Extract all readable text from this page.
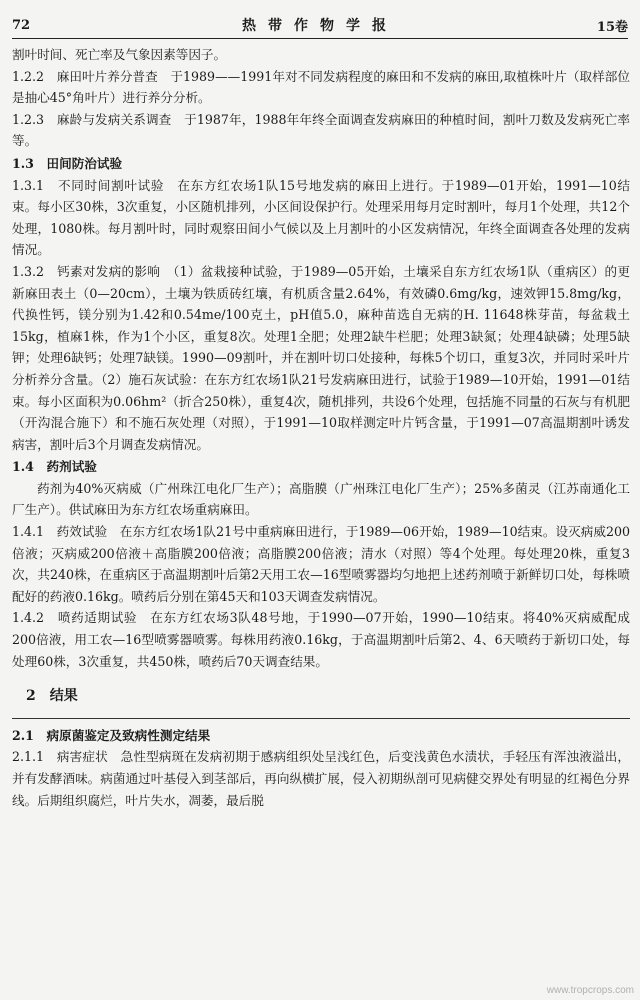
72	热带作物学报	15卷

割叶时间、死亡率及气象因素等因子。

1.2.2　麻田叶片养分普查　于1989——1991年对不同发病程度的麻田和不发病的麻田,取植株叶片（取样部位是抽心45°角叶片）进行养分分析。

1.2.3　麻龄与发病关系调查　于1987年，1988年年终全面调查发病麻田的种植时间，割叶刀数及发病死亡率等。

1.3　田间防治试验

1.3.1　不同时间割叶试验　在东方红农场1队15号地发病的麻田上进行。于1989—01开始，1991—10结束。每小区30株，3次重复，小区随机排列，小区间设保护行。处理采用每月定时割叶，每月1个处理，共12个处理，1080株。每月割叶时，同时观察田间小气候以及上月割叶的小区发病情况，年终全面调查各处理的发病情况。

1.3.2　钙素对发病的影响　（1）盆栽接种试验，于1989—05开始，土壤采自东方红农场1队（重病区）的更新麻田表土（0—20cm），土壤为铁质砖红壤，有机质含量2.64%，有效磷0.6mg/kg，速效钾15.8mg/kg，代换性钙，镁分别为1.42和0.54me/100克土，pH值5.0，麻种苗选自无病的H. 11648株芽苗，每盆栽土15kg，植麻1株，作为1个小区，重复8次。处理1全肥；处理2缺牛栏肥；处理3缺氮；处理4缺磷；处理5缺钾；处理6缺钙；处理7缺镁。1990—09割叶，并在割叶切口处接种，每株5个切口，重复3次，并同时采叶片分析养分含量。（2）施石灰试验：在东方红农场1队21号发病麻田进行，试验于1989—10开始，1991—01结束。每小区面积为0.06hm²（折合250株），重复4次，随机排列，共设6个处理，包括施不同量的石灰与有机肥（开沟混合施下）和不施石灰处理（对照），于1991—10取样测定叶片钙含量，于1991—07高温期割叶诱发病害，割叶后3个月调查发病情况。

1.4　药剂试验

药剂为40%灭病威（广州珠江电化厂生产）；高脂膜（广州珠江电化厂生产）；25%多菌灵（江苏南通化工厂生产）。供试麻田为东方红农场重病麻田。

1.4.1　药效试验　在东方红农场1队21号中重病麻田进行，于1989—06开始，1989—10结束。设灭病威200倍液；灭病威200倍液＋高脂膜200倍液；高脂膜200倍液；清水（对照）等4个处理。每处理20株，重复3次，共240株，在重病区于高温期割叶后第2天用工农—16型喷雾器均匀地把上述药剂喷于新鲜切口处，每株喷配好的药液0.16kg。喷药后分别在第45天和103天调查发病情况。

1.4.2　喷药适期试验　在东方红农场3队48号地，于1990—07开始，1990—10结束。将40%灭病威配成200倍液，用工农—16型喷雾器喷雾。每株用药液0.16kg，于高温期割叶后第2、4、6天喷药于新切口处，每处理60株，3次重复，共450株，喷药后70天调查结果。

2　结果

2.1　病原菌鉴定及致病性测定结果

2.1.1　病害症状　急性型病斑在发病初期于感病组织处呈浅红色，后变浅黄色水渍状，手轻压有浑浊液溢出，并有发酵酒味。病菌通过叶基侵入到茎部后，再向纵横扩展，侵入初期纵剖可见病健交界处有明显的红褐色分界线。后期组织腐烂，叶片失水，凋萎，最后脱

www.tropcrops.com
